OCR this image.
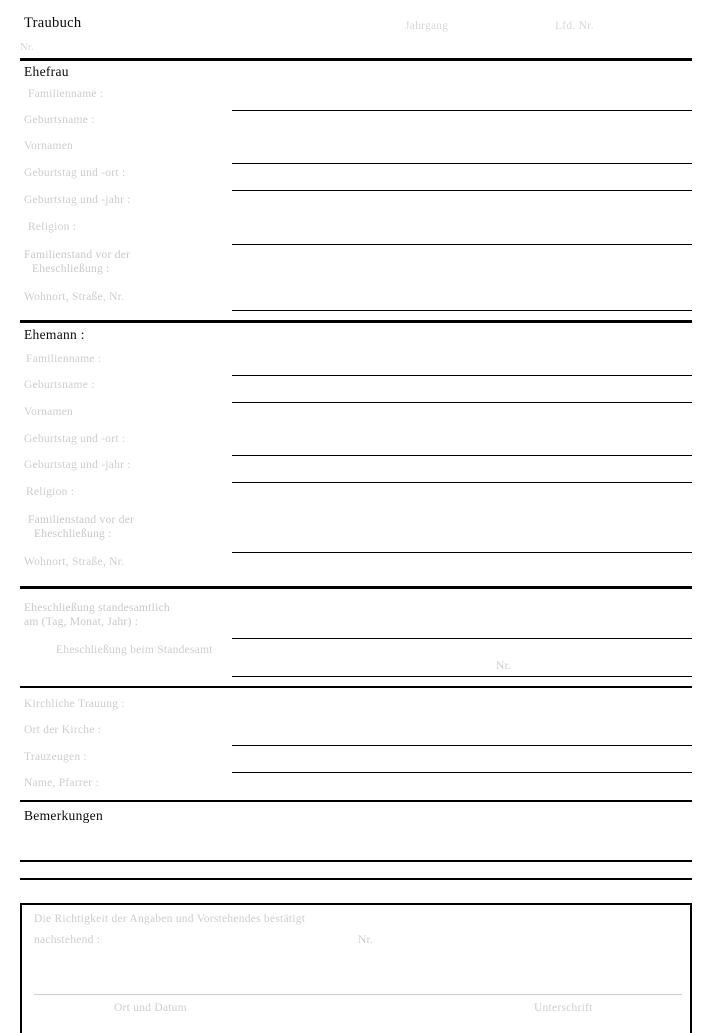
Traubuch	Jahrgang	Lfd. Nr.
Nr.
Ehefrau
Familienname :
Geburtsname :
Vornamen
Geburtstag und -ort :
Geburtstag und -jahr :
Religion :
Familienstand vor der
Eheschließung :
Wohnort, Straße, Nr.
Ehemann :
Familienname :
Geburtsname :
Vornamen
Geburtstag und -ort :
Geburtstag und -jahr :
Religion :
Familienstand vor der
Eheschließung :
Wohnort, Straße, Nr.
Eheschließung standesamtlich
am (Tag, Monat, Jahr) :
Eheschließung beim Standesamt
Nr.
Kirchliche Trauung :
Ort der Kirche :
Trauzeugen :
Name, Pfarrer :
Bemerkungen
Die Richtigkeit der Angaben und Vorstehendes bestätigt
nachstehend :	Nr.
Ort und Datum	Unterschrift
